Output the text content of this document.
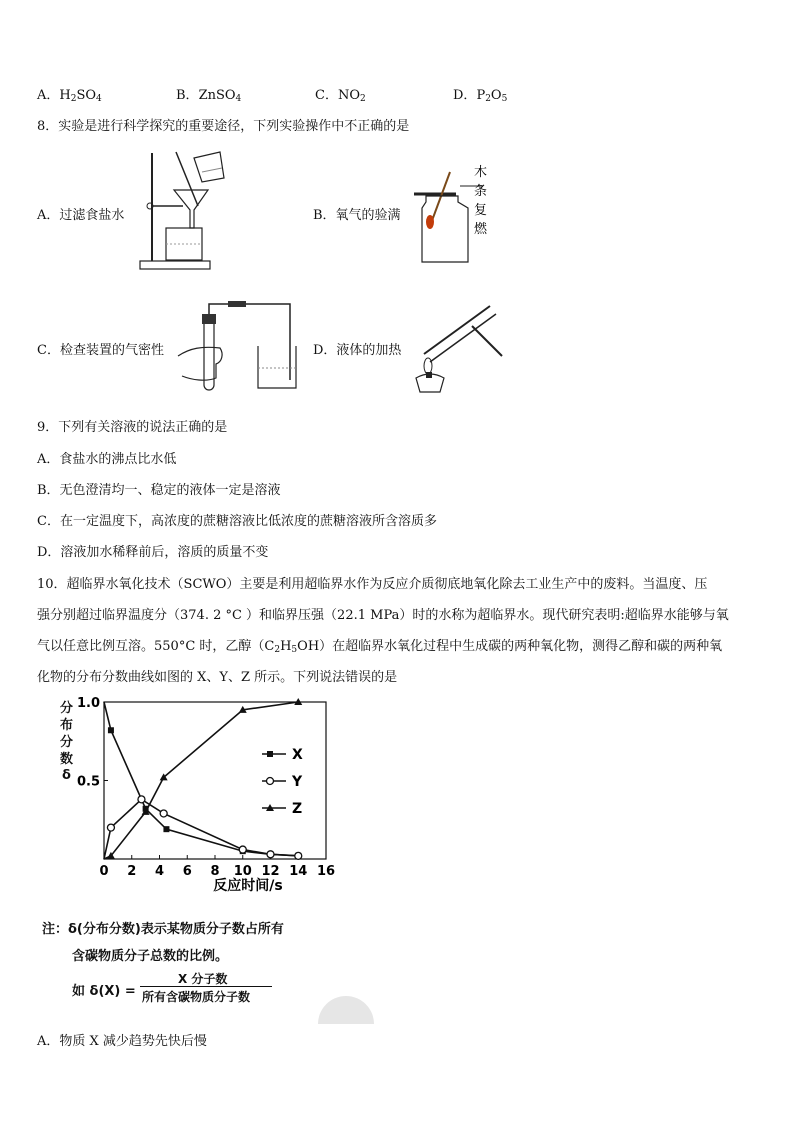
A．$H_2SO_4$	B．ZnSO$_4$	C．$NO_2$	D．$P_2O_5$
8．实验是进行科学探究的重要途径，下列实验操作中不正确的是
A．过滤食盐水	B．氧气的验满
C．检查装置的气密性	D．液体的加热
木
条
复
燃
9．下列有关溶液的说法正确的是
A．食盐水的沸点比水低
B．无色澄清均一、稳定的液体一定是溶液
C．在一定温度下，高浓度的蔗糖溶液比低浓度的蔗糖溶液所含溶质多
D．溶液加水稀释前后，溶质的质量不变
10．超临界水氧化技术（SCWO）主要是利用超临界水作为反应介质彻底地氧化除去工业生产中的废料。当温度、压
强分别超过临界温度分（374. 2 °C ）和临界压强（22.1 MPa）时的水称为超临界水。现代研究表明:超临界水能够与氧
气以任意比例互溶。550°C 时，乙醇$(C_2H_5OH)$在超临界水氧化过程中生成碳的两种氧化物，测得乙醇和碳的两种氧
化物的分布分数曲线如图的 X、Y、Z 所示。下列说法错误的是
分
布
分
数
δ
0 2 4 6 8 10 12 14 16
0.5
1.0
X
Y
Z
反应时间/s
注：δ(分布分数)表示某物质分子数占所有
含碳物质分子总数的比例。
如 δ(X) =
X 分子数
所有含碳物质分子数
A．物质 X 减少趋势先快后慢
